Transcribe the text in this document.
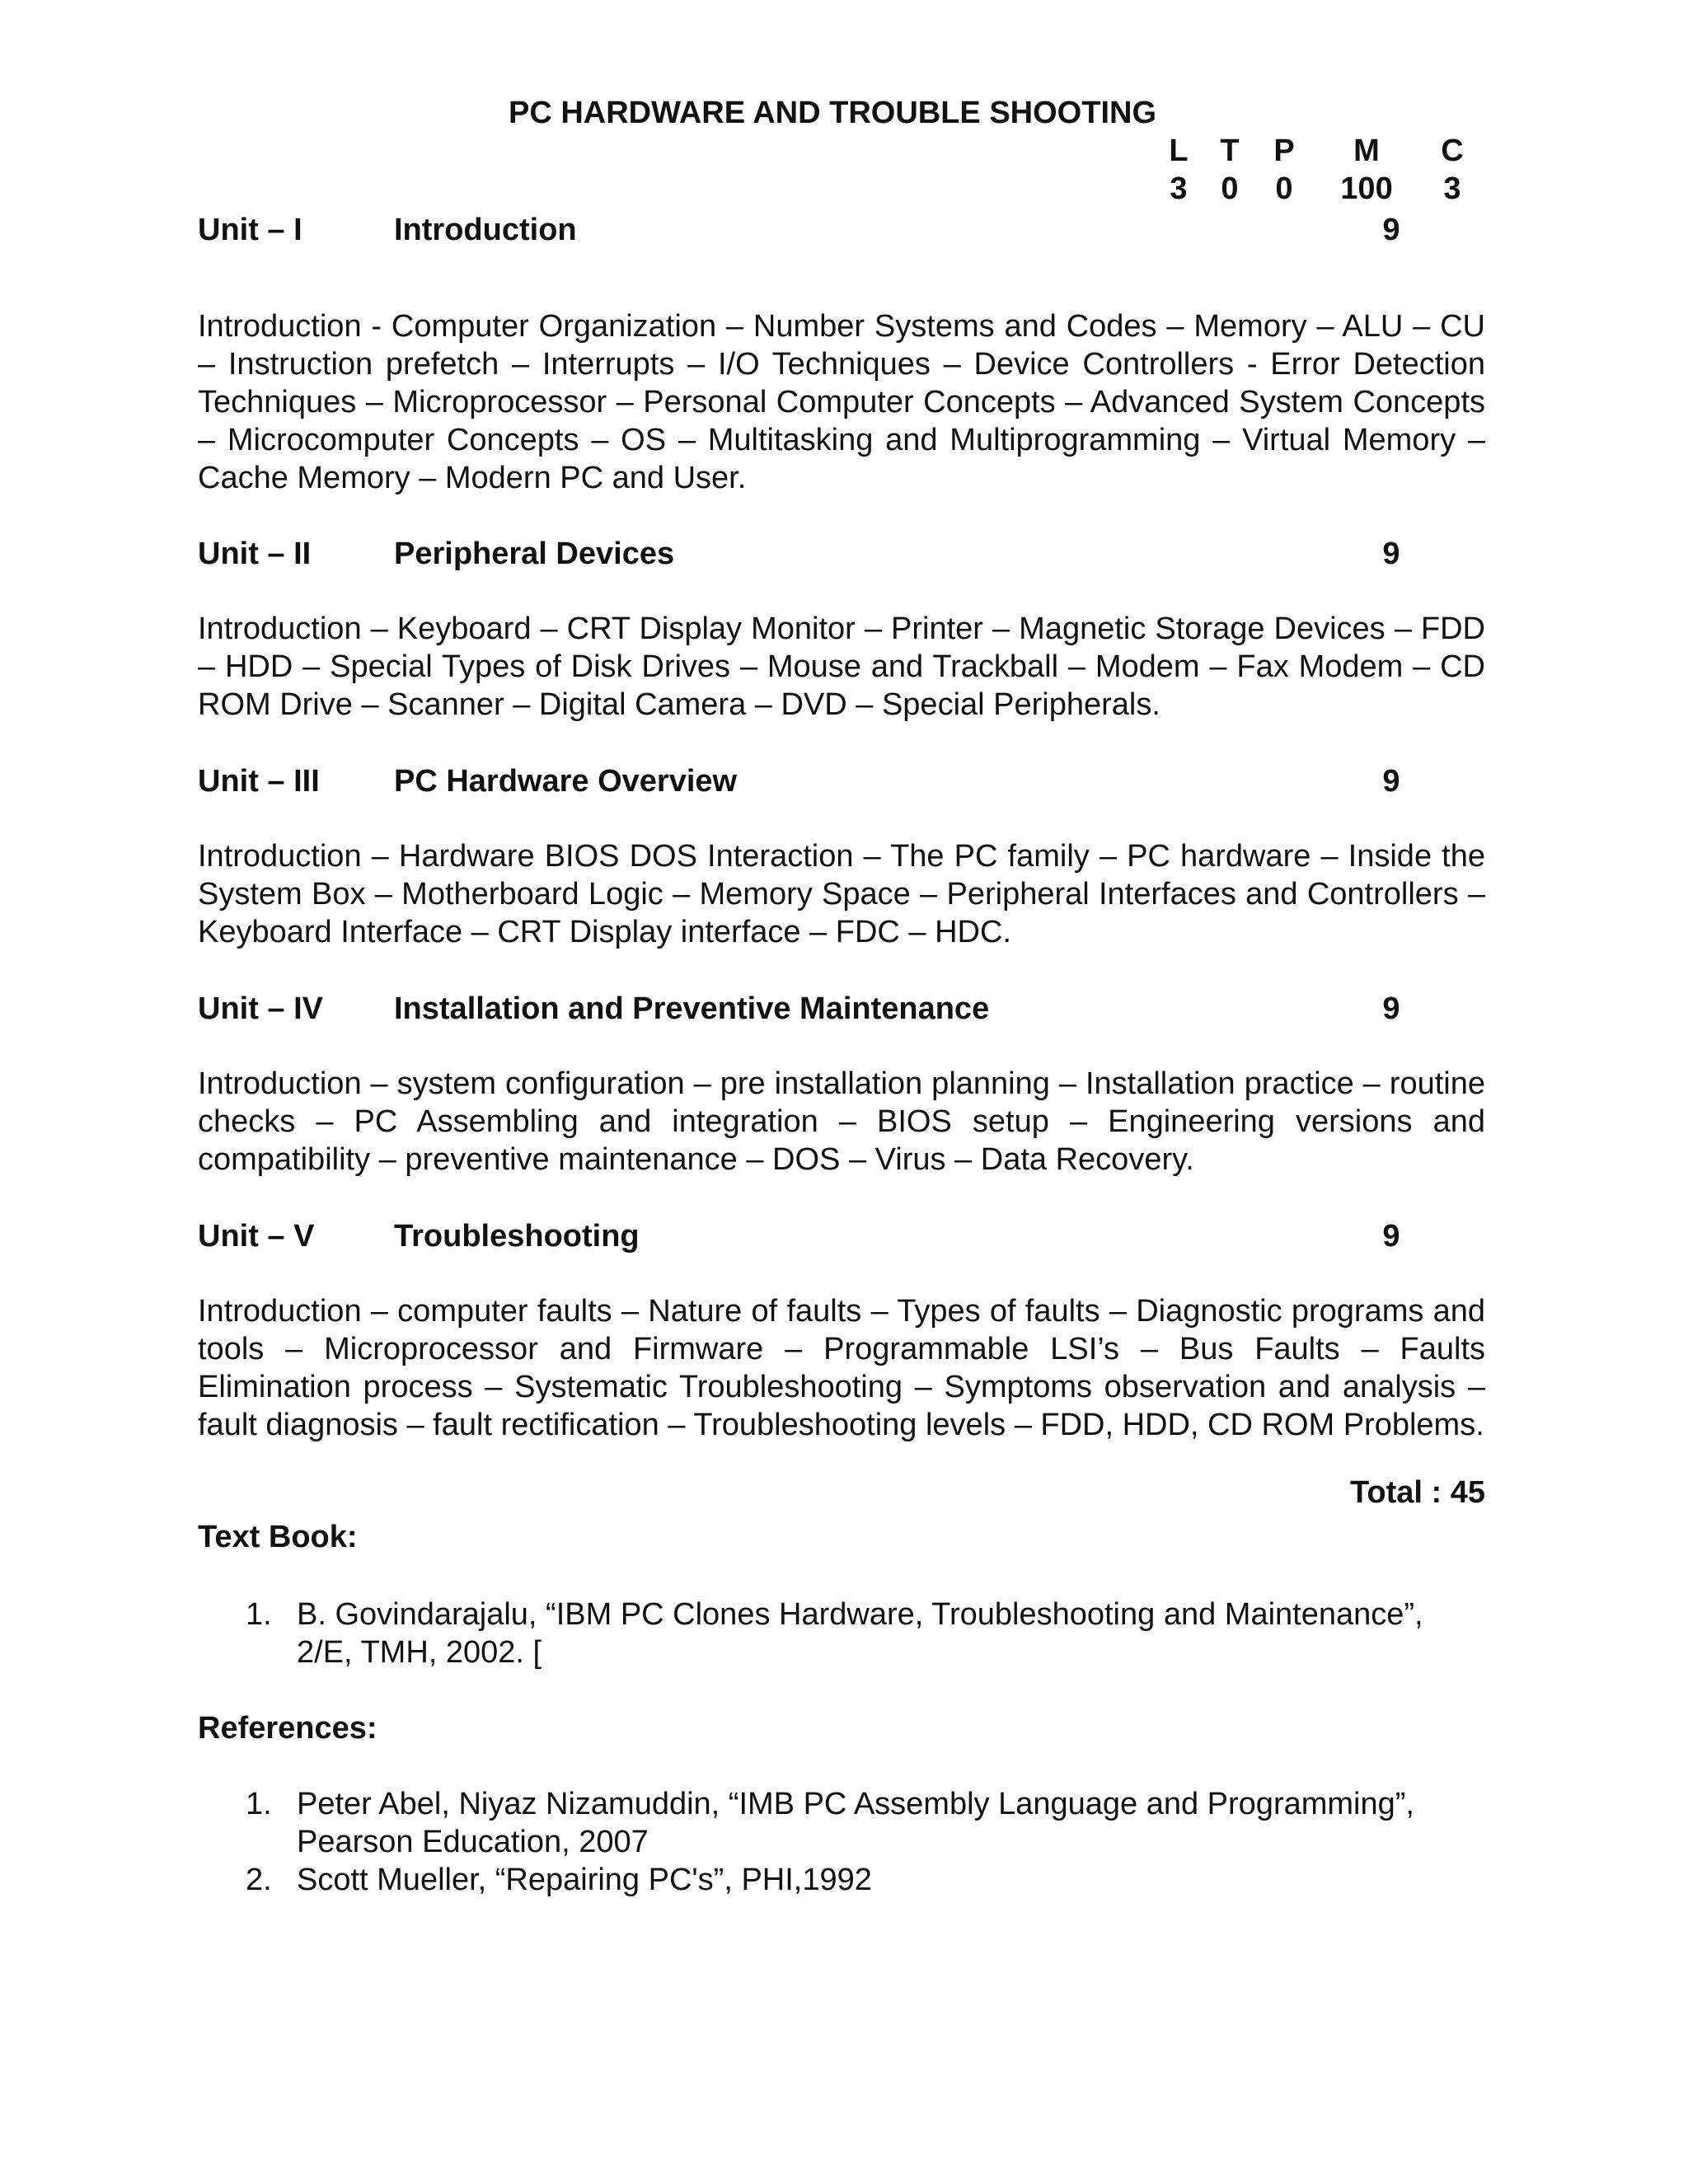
PC HARDWARE AND TROUBLE SHOOTING
L	T	P	M	C
3	0	0	100	3
Unit – I	Introduction	9
Introduction - Computer Organization – Number Systems and Codes – Memory – ALU – CU – Instruction prefetch – Interrupts – I/O Techniques – Device Controllers - Error Detection Techniques – Microprocessor – Personal Computer Concepts – Advanced System Concepts – Microcomputer Concepts – OS – Multitasking and Multiprogramming – Virtual Memory – Cache Memory – Modern PC and User.
Unit – II	Peripheral Devices	9
Introduction – Keyboard – CRT Display Monitor – Printer – Magnetic Storage Devices – FDD – HDD – Special Types of Disk Drives – Mouse and Trackball – Modem – Fax Modem – CD ROM Drive – Scanner – Digital Camera – DVD – Special Peripherals.
Unit – III PC Hardware Overview	9
Introduction – Hardware BIOS DOS Interaction – The PC family – PC hardware – Inside the System Box – Motherboard Logic – Memory Space – Peripheral Interfaces and Controllers – Keyboard Interface – CRT Display interface – FDC – HDC.
Unit – IV Installation and Preventive Maintenance	9
Introduction – system configuration – pre installation planning – Installation practice – routine checks – PC Assembling and integration – BIOS setup – Engineering versions and compatibility – preventive maintenance – DOS – Virus – Data Recovery.
Unit – V	Troubleshooting	9
Introduction – computer faults – Nature of faults – Types of faults – Diagnostic programs and tools – Microprocessor and Firmware – Programmable LSI’s – Bus Faults – Faults Elimination process – Systematic Troubleshooting – Symptoms observation and analysis – fault diagnosis – fault rectification – Troubleshooting levels – FDD, HDD, CD ROM Problems.
Total : 45
Text Book:
1. B. Govindarajalu, “IBM PC Clones Hardware, Troubleshooting and Maintenance”, 2/E, TMH, 2002. [
References:
1. Peter Abel, Niyaz Nizamuddin, “IMB PC Assembly Language and Programming”, Pearson Education, 2007
2. Scott Mueller, “Repairing PC's”, PHI,1992
